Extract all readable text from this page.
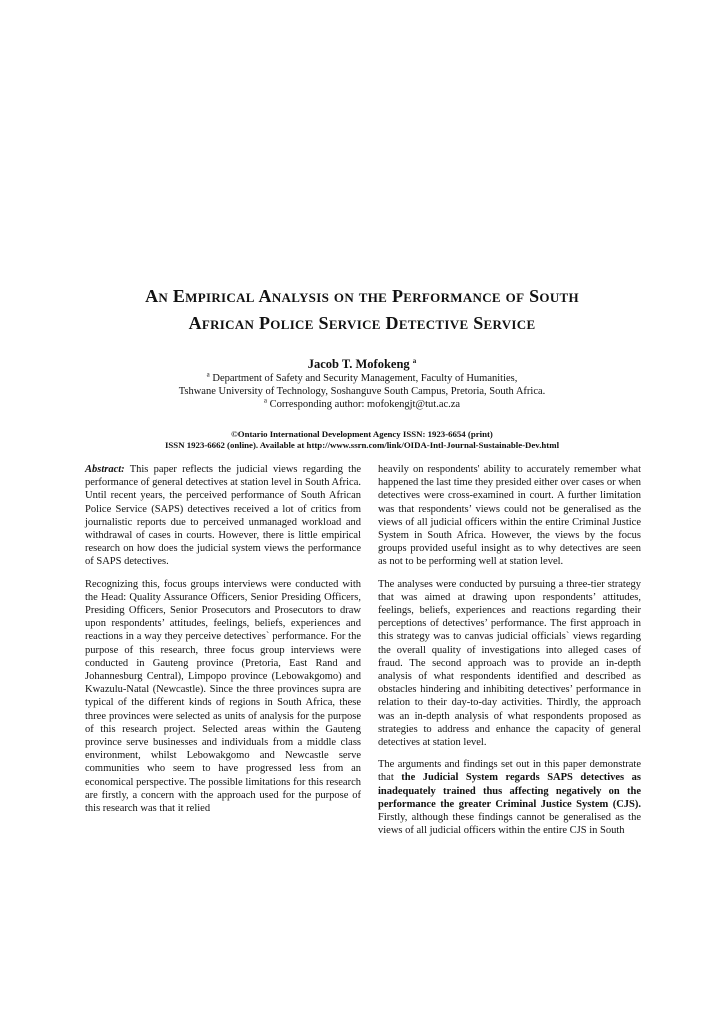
An Empirical Analysis on the Performance of South
African Police Service Detective Service
Jacob T. Mofokeng $^a$
$^a$ Department of Safety and Security Management, Faculty of Humanities,
Tshwane University of Technology, Soshanguve South Campus, Pretoria, South Africa.
$^a$ Corresponding author: mofokengjt@tut.ac.za
©Ontario International Development Agency ISSN: 1923-6654 (print)
ISSN 1923-6662 (online). Available at http://www.ssrn.com/link/OIDA-Intl-Journal-Sustainable-Dev.html

Abstract: This paper reflects the judicial views regarding the performance of general detectives at station level in South Africa. Until recent years, the perceived performance of South African Police Service (SAPS) detectives received a lot of critics from journalistic reports due to perceived unmanaged workload and withdrawal of cases in courts. However, there is little empirical research on how does the judicial system views the performance of SAPS detectives.

Recognizing this, focus groups interviews were conducted with the Head: Quality Assurance Officers, Senior Presiding Officers, Presiding Officers, Senior Prosecutors and Prosecutors to draw upon respondents’ attitudes, feelings, beliefs, experiences and reactions in a way they perceive detectives` performance. For the purpose of this research, three focus group interviews were conducted in Gauteng province (Pretoria, East Rand and Johannesburg Central), Limpopo province (Lebowakgomo) and Kwazulu-Natal (Newcastle). Since the three provinces supra are typical of the different kinds of regions in South Africa, these three provinces were selected as units of analysis for the purpose of this research project. Selected areas within the Gauteng province serve businesses and individuals from a middle class environment, whilst Lebowakgomo and Newcastle serve communities who seem to have progressed less from an economical perspective. The possible limitations for this research are firstly, a concern with the approach used for the purpose of this research was that it relied

heavily on respondents' ability to accurately remember what happened the last time they presided either over cases or when detectives were cross-examined in court. A further limitation was that respondents’ views could not be generalised as the views of all judicial officers within the entire Criminal Justice System in South Africa. However, the views by the focus groups provided useful insight as to why detectives are seen as not to be performing well at station level.

The analyses were conducted by pursuing a three-tier strategy that was aimed at drawing upon respondents’ attitudes, feelings, beliefs, experiences and reactions regarding their perceptions of detectives’ performance. The first approach in this strategy was to canvas judicial officials` views regarding the overall quality of investigations into alleged cases of fraud. The second approach was to provide an in-depth analysis of what respondents identified and described as obstacles hindering and inhibiting detectives’ performance in relation to their day-to-day activities. Thirdly, the approach was an in-depth analysis of what respondents proposed as strategies to address and enhance the capacity of general detectives at station level.

The arguments and findings set out in this paper demonstrate that the Judicial System regards SAPS detectives as inadequately trained thus affecting negatively on the performance the greater Criminal Justice System (CJS). Firstly, although these findings cannot be generalised as the views of all judicial officers within the entire CJS in South
